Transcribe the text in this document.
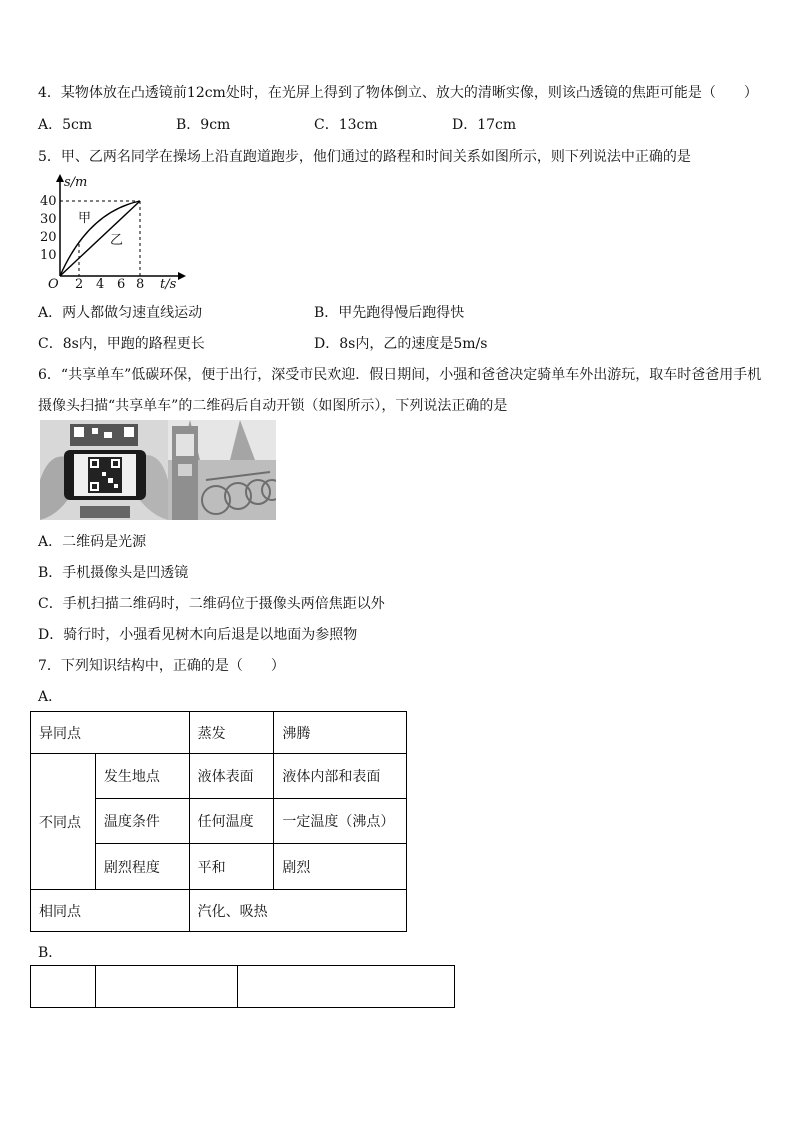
4．某物体放在凸透镜前12cm处时，在光屏上得到了物体倒立、放大的清晰实像，则该凸透镜的焦距可能是（　　）
A．5cm	B．9cm	C．13cm	D．17cm
5．甲、乙两名同学在操场上沿直跑道跑步，他们通过的路程和时间关系如图所示，则下列说法中正确的是
s/m
40
30
20
10
O 2 4 6 8 t/s
甲
乙
A．两人都做匀速直线运动	B．甲先跑得慢后跑得快
C．8s内，甲跑的路程更长	D．8s内，乙的速度是5m/s
6．“共享单车”低碳环保，便于出行，深受市民欢迎．假日期间，小强和爸爸决定骑单车外出游玩，取车时爸爸用手机
摄像头扫描“共享单车”的二维码后自动开锁（如图所示），下列说法正确的是
A．二维码是光源
B．手机摄像头是凹透镜
C．手机扫描二维码时，二维码位于摄像头两倍焦距以外
D．骑行时，小强看见树木向后退是以地面为参照物
7．下列知识结构中，正确的是（　　）
A．
异同点		蒸发	沸腾
不同点	发生地点	液体表面	液体内部和表面
	温度条件	任何温度	一定温度（沸点）
	剧烈程度	平和	剧烈
相同点		汽化、吸热	
B．
